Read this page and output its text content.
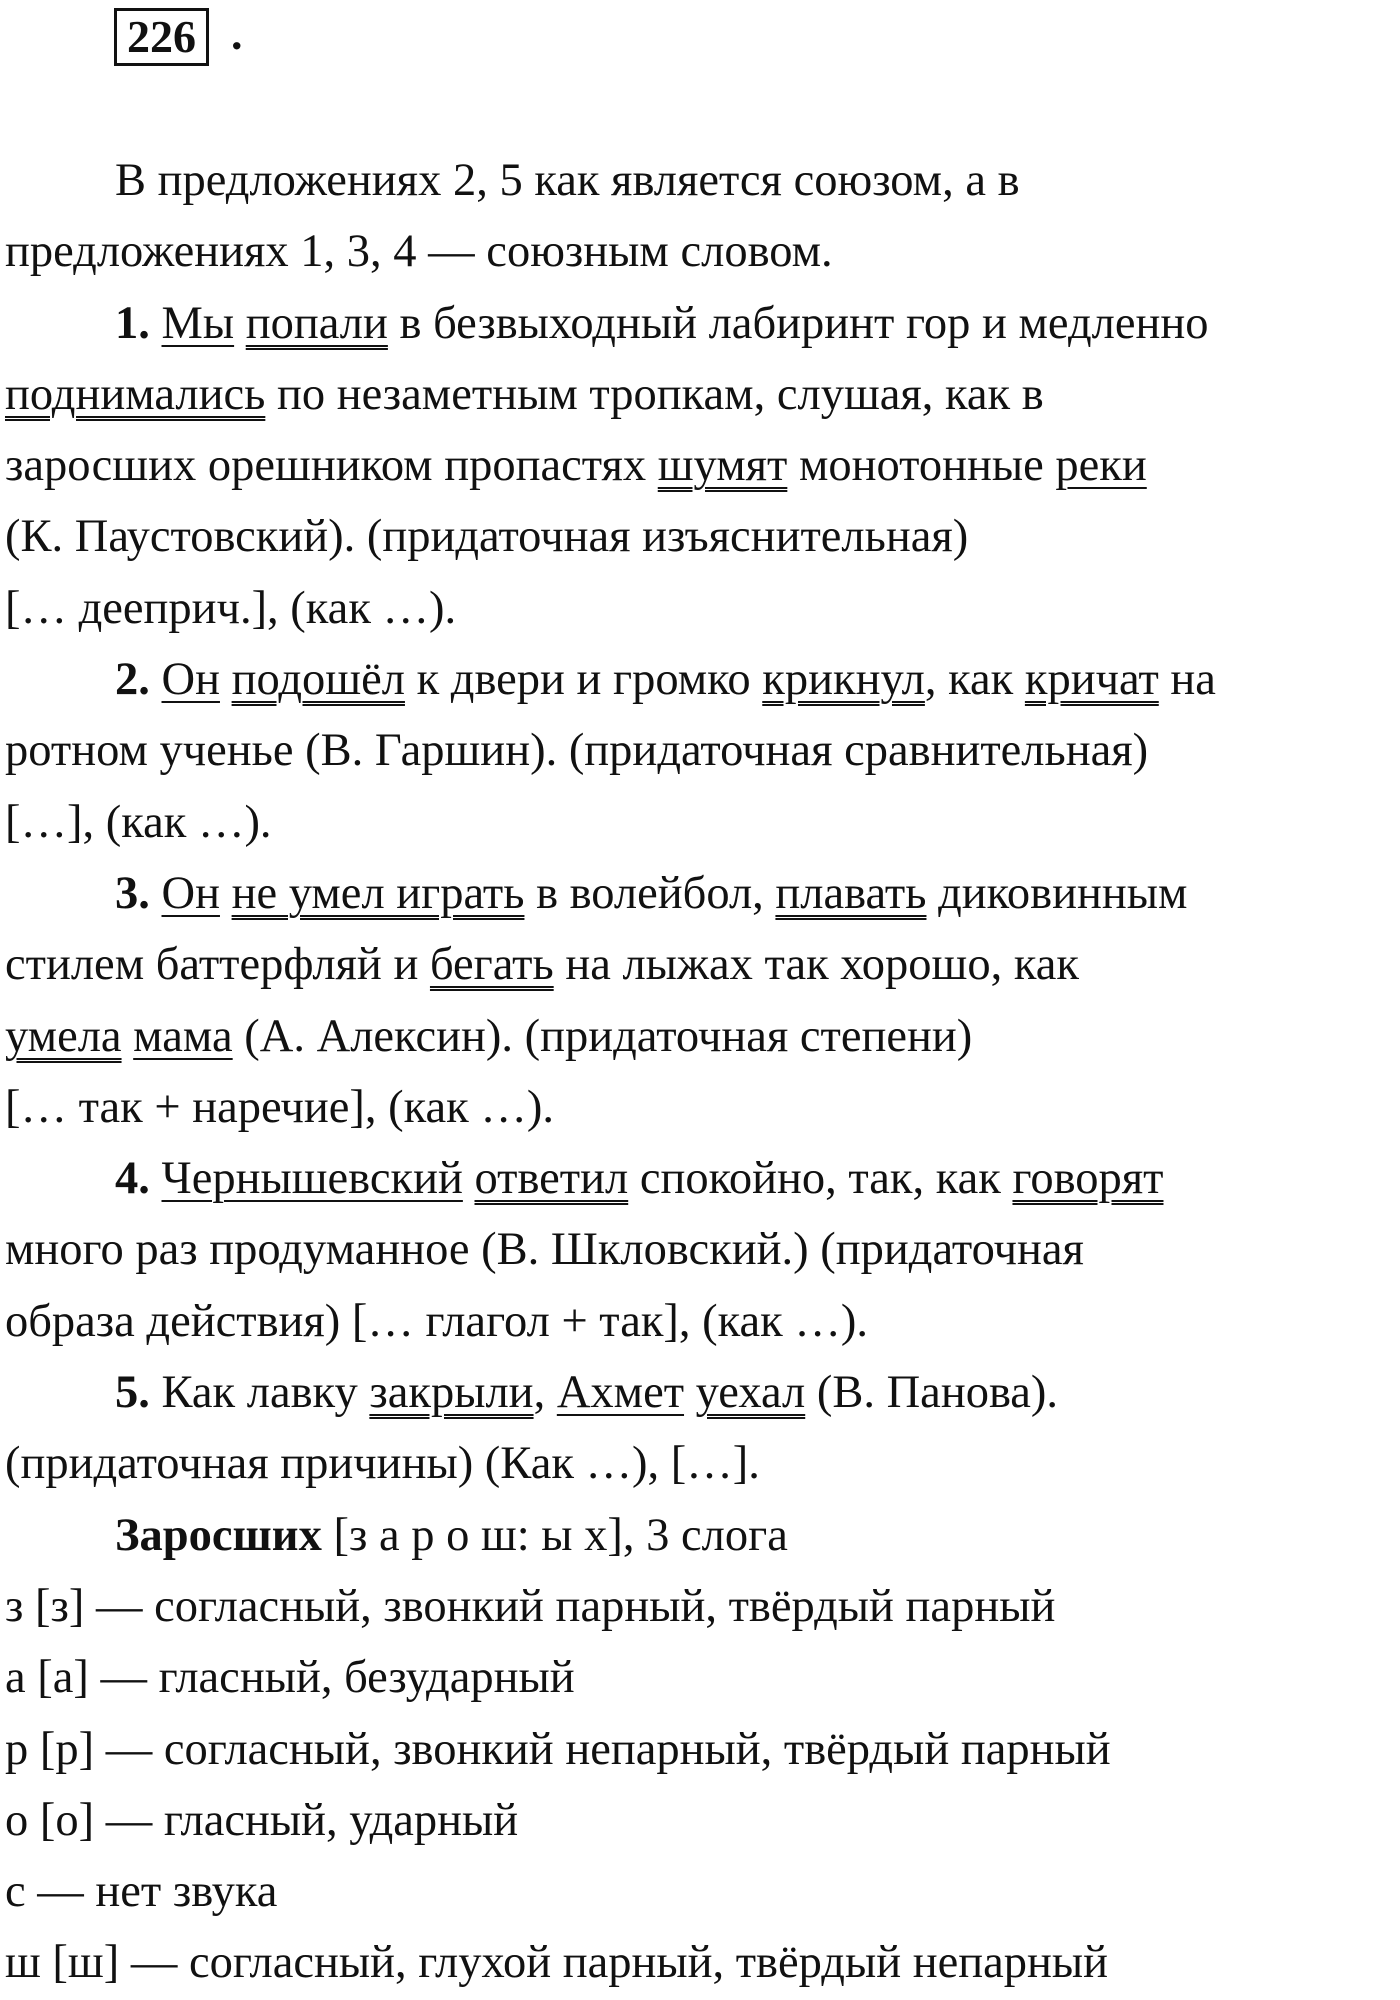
226 .
В предложениях 2, 5 как является союзом, а в
предложениях 1, 3, 4 — союзным словом.
1. Мы попали в безвыходный лабиринт гор и медленно
поднимались по незаметным тропкам, слушая, как в
заросших орешником пропастях шумят монотонные реки
(К. Паустовский). (придаточная изъяснительная)
[… дееприч.], (как …).
2. Он подошёл к двери и громко крикнул, как кричат на
ротном ученье (В. Гаршин). (придаточная сравнительная)
[…], (как …).
3. Он не умел играть в волейбол, плавать диковинным
стилем баттерфляй и бегать на лыжах так хорошо, как
умела мама (А. Алексин). (придаточная степени)
[… так + наречие], (как …).
4. Чернышевский ответил спокойно, так, как говорят
много раз продуманное (В. Шкловский.) (придаточная
образа действия) [… глагол + так], (как …).
5. Как лавку закрыли, Ахмет уехал (В. Панова).
(придаточная причины) (Как …), […].
Заросших [з а р о ш: ы х], 3 слога
з [з] — согласный, звонкий парный, твёрдый парный
а [а] — гласный, безударный
р [р] — согласный, звонкий непарный, твёрдый парный
о [о] — гласный, ударный
с — нет звука
ш [ш] — согласный, глухой парный, твёрдый непарный
